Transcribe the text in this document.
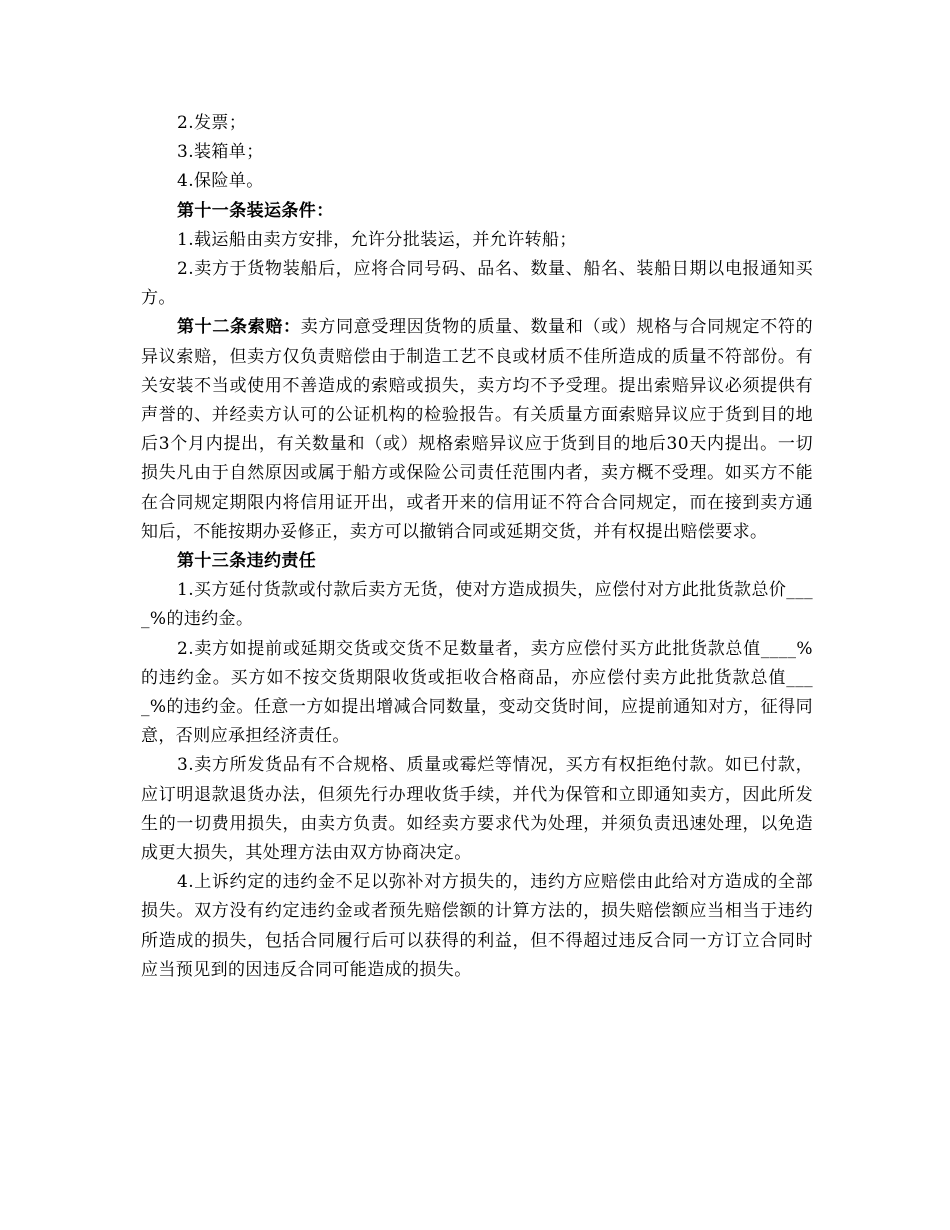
2.发票；

3.装箱单；

4.保险单。

第十一条装运条件：

1.载运船由卖方安排，允许分批装运，并允许转船；

2.卖方于货物装船后，应将合同号码、品名、数量、船名、装船日期以电报通知买方。

第十二条索赔：卖方同意受理因货物的质量、数量和（或）规格与合同规定不符的异议索赔，但卖方仅负责赔偿由于制造工艺不良或材质不佳所造成的质量不符部份。有关安装不当或使用不善造成的索赔或损失，卖方均不予受理。提出索赔异议必须提供有声誉的、并经卖方认可的公证机构的检验报告。有关质量方面索赔异议应于货到目的地后3个月内提出，有关数量和（或）规格索赔异议应于货到目的地后30天内提出。一切损失凡由于自然原因或属于船方或保险公司责任范围内者，卖方概不受理。如买方不能在合同规定期限内将信用证开出，或者开来的信用证不符合合同规定，而在接到卖方通知后，不能按期办妥修正，卖方可以撤销合同或延期交货，并有权提出赔偿要求。

第十三条违约责任

1.买方延付货款或付款后卖方无货，使对方造成损失，应偿付对方此批货款总价____%的违约金。

2.卖方如提前或延期交货或交货不足数量者，卖方应偿付买方此批货款总值____%的违约金。买方如不按交货期限收货或拒收合格商品，亦应偿付卖方此批货款总值____%的违约金。任意一方如提出增减合同数量，变动交货时间，应提前通知对方，征得同意，否则应承担经济责任。

3.卖方所发货品有不合规格、质量或霉烂等情况，买方有权拒绝付款。如已付款，应订明退款退货办法，但须先行办理收货手续，并代为保管和立即通知卖方，因此所发生的一切费用损失，由卖方负责。如经卖方要求代为处理，并须负责迅速处理，以免造成更大损失，其处理方法由双方协商决定。

4.上诉约定的违约金不足以弥补对方损失的，违约方应赔偿由此给对方造成的全部损失。双方没有约定违约金或者预先赔偿额的计算方法的，损失赔偿额应当相当于违约所造成的损失，包括合同履行后可以获得的利益，但不得超过违反合同一方订立合同时应当预见到的因违反合同可能造成的损失。
